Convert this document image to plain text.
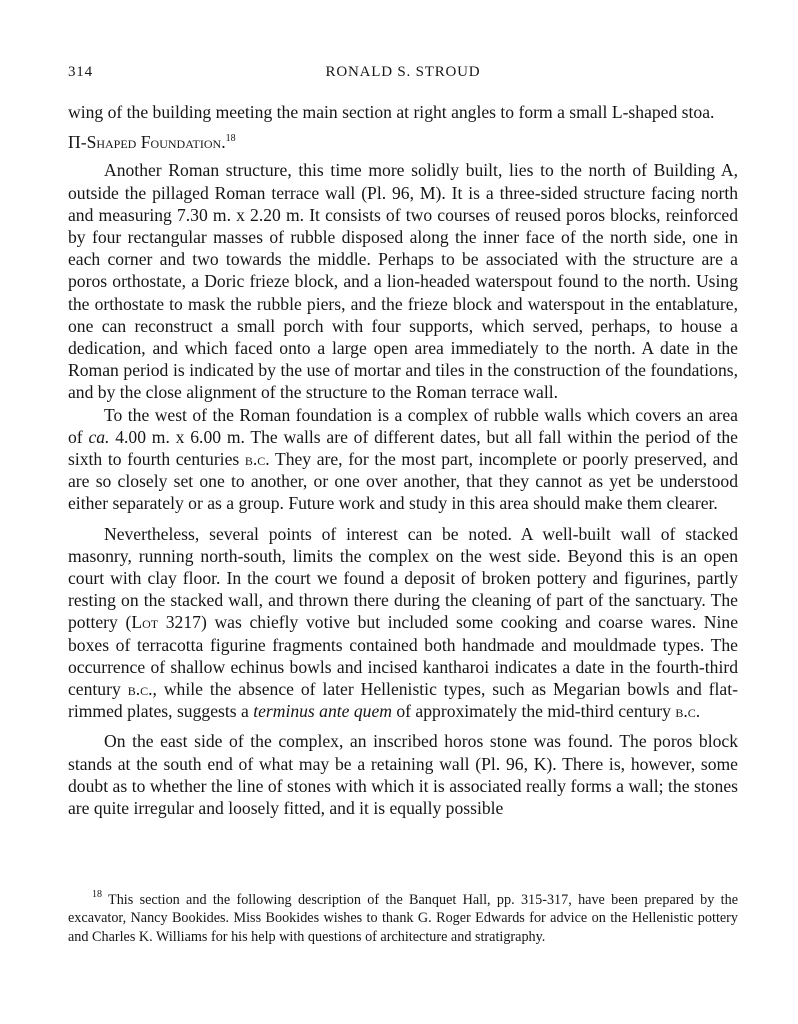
314	RONALD S. STROUD

wing of the building meeting the main section at right angles to form a small L-shaped stoa.

Π-Shaped Foundation.$^{18}$

Another Roman structure, this time more solidly built, lies to the north of Building A, outside the pillaged Roman terrace wall (Pl. 96, M). It is a three-sided structure facing north and measuring 7.30 m. x 2.20 m. It consists of two courses of reused poros blocks, reinforced by four rectangular masses of rubble disposed along the inner face of the north side, one in each corner and two towards the middle. Perhaps to be associated with the structure are a poros orthostate, a Doric frieze block, and a lion-headed waterspout found to the north. Using the orthostate to mask the rubble piers, and the frieze block and waterspout in the entablature, one can reconstruct a small porch with four supports, which served, perhaps, to house a dedication, and which faced onto a large open area immediately to the north. A date in the Roman period is indicated by the use of mortar and tiles in the construction of the foundations, and by the close alignment of the structure to the Roman terrace wall.

To the west of the Roman foundation is a complex of rubble walls which covers an area of ca. 4.00 m. x 6.00 m. The walls are of different dates, but all fall within the period of the sixth to fourth centuries b.c. They are, for the most part, incomplete or poorly preserved, and are so closely set one to another, or one over another, that they cannot as yet be understood either separately or as a group. Future work and study in this area should make them clearer.

Nevertheless, several points of interest can be noted. A well-built wall of stacked masonry, running north-south, limits the complex on the west side. Beyond this is an open court with clay floor. In the court we found a deposit of broken pottery and figurines, partly resting on the stacked wall, and thrown there during the cleaning of part of the sanctuary. The pottery (Lot 3217) was chiefly votive but included some cooking and coarse wares. Nine boxes of terracotta figurine fragments contained both handmade and mouldmade types. The occurrence of shallow echinus bowls and incised kantharoi indicates a date in the fourth-third century b.c., while the absence of later Hellenistic types, such as Megarian bowls and flat-rimmed plates, suggests a terminus ante quem of approximately the mid-third century b.c.

On the east side of the complex, an inscribed horos stone was found. The poros block stands at the south end of what may be a retaining wall (Pl. 96, K). There is, however, some doubt as to whether the line of stones with which it is associated really forms a wall; the stones are quite irregular and loosely fitted, and it is equally possible

$^{18}$ This section and the following description of the Banquet Hall, pp. 315-317, have been prepared by the excavator, Nancy Bookides. Miss Bookides wishes to thank G. Roger Edwards for advice on the Hellenistic pottery and Charles K. Williams for his help with questions of architecture and stratigraphy.
